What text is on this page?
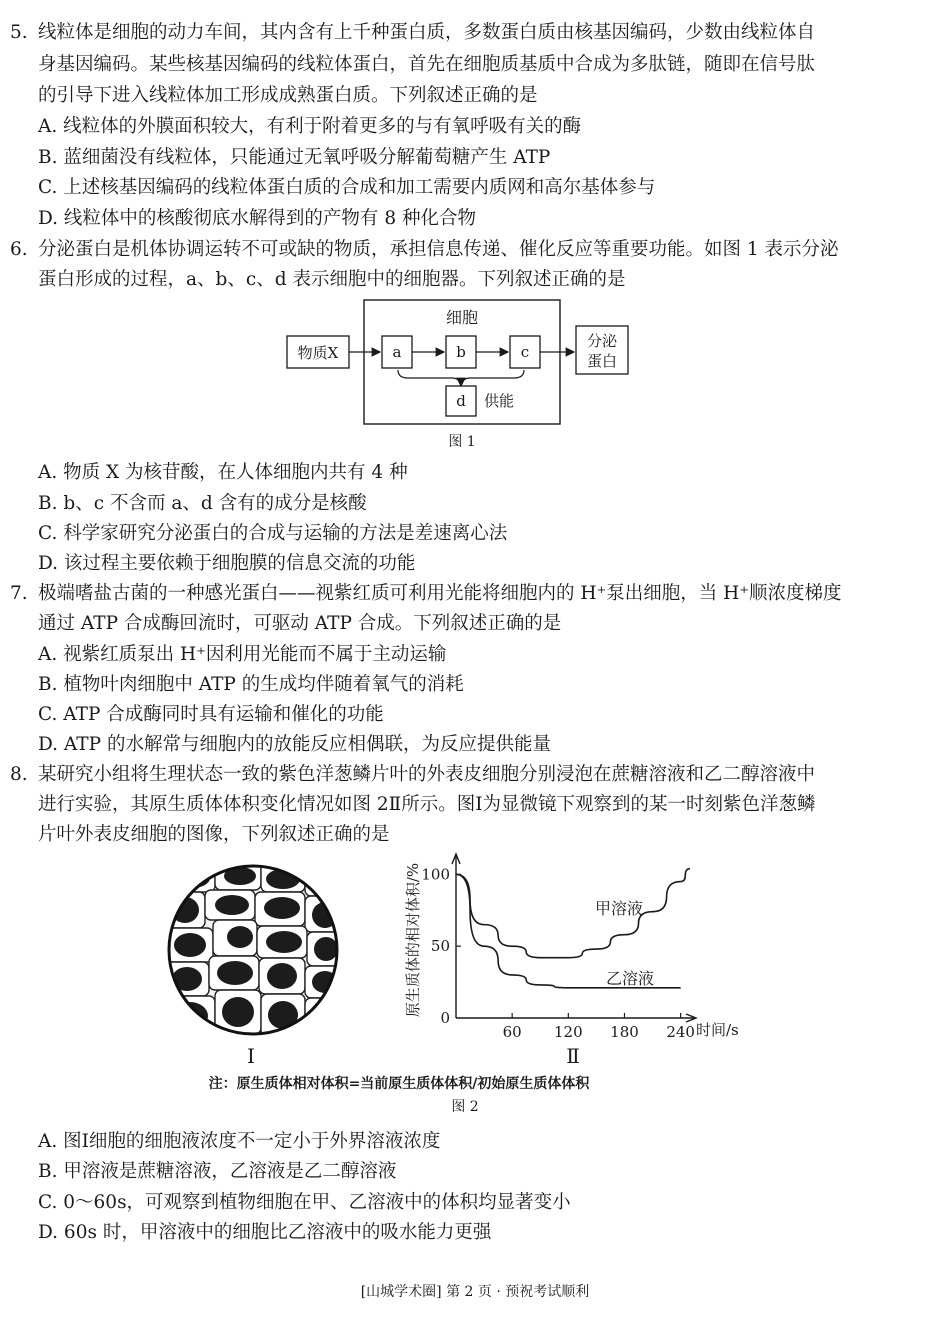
5. 线粒体是细胞的动力车间，其内含有上千种蛋白质，多数蛋白质由核基因编码，少数由线粒体自
身基因编码。某些核基因编码的线粒体蛋白，首先在细胞质基质中合成为多肽链，随即在信号肽
的引导下进入线粒体加工形成成熟蛋白质。下列叙述正确的是
A. 线粒体的外膜面积较大，有利于附着更多的与有氧呼吸有关的酶
B. 蓝细菌没有线粒体，只能通过无氧呼吸分解葡萄糖产生 ATP
C. 上述核基因编码的线粒体蛋白质的合成和加工需要内质网和高尔基体参与
D. 线粒体中的核酸彻底水解得到的产物有 8 种化合物
6. 分泌蛋白是机体协调运转不可或缺的物质，承担信息传递、催化反应等重要功能。如图 1 表示分泌
蛋白形成的过程，a、b、c、d 表示细胞中的细胞器。下列叙述正确的是
A. 物质 X 为核苷酸，在人体细胞内共有 4 种
B. b、c 不含而 a、d 含有的成分是核酸
C. 科学家研究分泌蛋白的合成与运输的方法是差速离心法
D. 该过程主要依赖于细胞膜的信息交流的功能
7. 极端嗜盐古菌的一种感光蛋白——视紫红质可利用光能将细胞内的 H⁺泵出细胞，当 H⁺顺浓度梯度
通过 ATP 合成酶回流时，可驱动 ATP 合成。下列叙述正确的是
A. 视紫红质泵出 H⁺因利用光能而不属于主动运输
B. 植物叶肉细胞中 ATP 的生成均伴随着氧气的消耗
C. ATP 合成酶同时具有运输和催化的功能
D. ATP 的水解常与细胞内的放能反应相偶联，为反应提供能量
8. 某研究小组将生理状态一致的紫色洋葱鳞片叶的外表皮细胞分别浸泡在蔗糖溶液和乙二醇溶液中
进行实验，其原生质体体积变化情况如图 2Ⅱ所示。图Ⅰ为显微镜下观察到的某一时刻紫色洋葱鳞
片叶外表皮细胞的图像，下列叙述正确的是
A. 图Ⅰ细胞的细胞液浓度不一定小于外界溶液浓度
B. 甲溶液是蔗糖溶液，乙溶液是乙二醇溶液
C. 0～60s，可观察到植物细胞在甲、乙溶液中的体积均显著变小
D. 60s 时，甲溶液中的细胞比乙溶液中的吸水能力更强
细胞
物质X	a	b	c
分泌
蛋白
d 供能
图 1
Ⅰ
60 120 180 240
0
50
100
原生质体的相对体积/%
时间/s
甲溶液
乙溶液
Ⅱ
注：原生质体相对体积=当前原生质体体积/初始原生质体体积
图 2
[山城学术圈] 第 2 页 · 预祝考试顺利
